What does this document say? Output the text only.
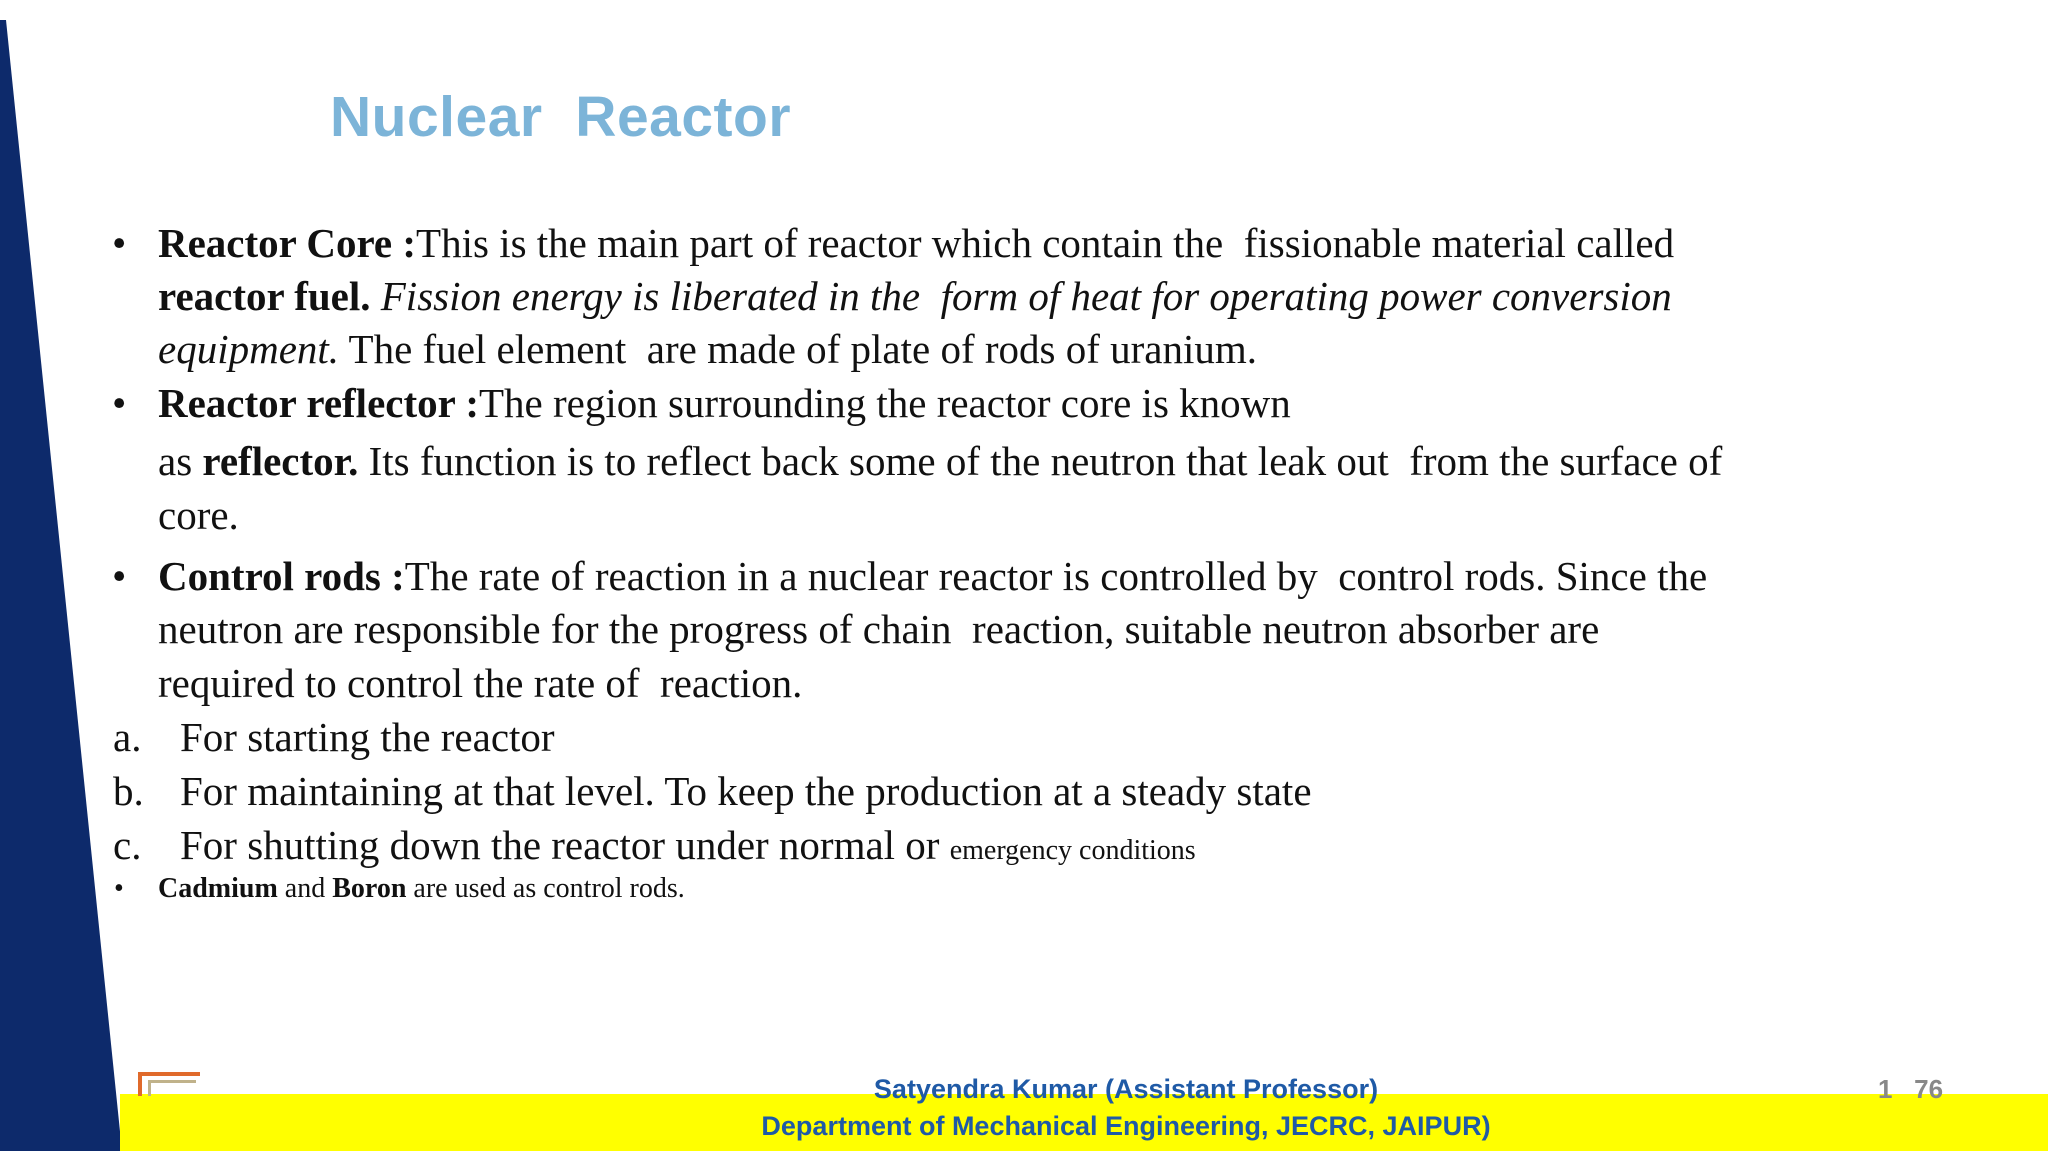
Nuclear  Reactor
• Reactor Core :This is the main part of reactor which contain the  fissionable material called
reactor fuel. Fission energy is liberated in the  form of heat for operating power conversion
equipment. The fuel element  are made of plate of rods of uranium.
• Reactor reflector :The region surrounding the reactor core is known
as reflector. Its function is to reflect back some of the neutron that leak out  from the surface of
core.
• Control rods :The rate of reaction in a nuclear reactor is controlled by  control rods. Since the
neutron are responsible for the progress of chain  reaction, suitable neutron absorber are
required to control the rate of  reaction.
a. For starting the reactor
b. For maintaining at that level. To keep the production at a steady state
c. For shutting down the reactor under normal or emergency conditions
• Cadmium and Boron are used as control rods.
Satyendra Kumar (Assistant Professor)
Department of Mechanical Engineering, JECRC, JAIPUR)
1   76
